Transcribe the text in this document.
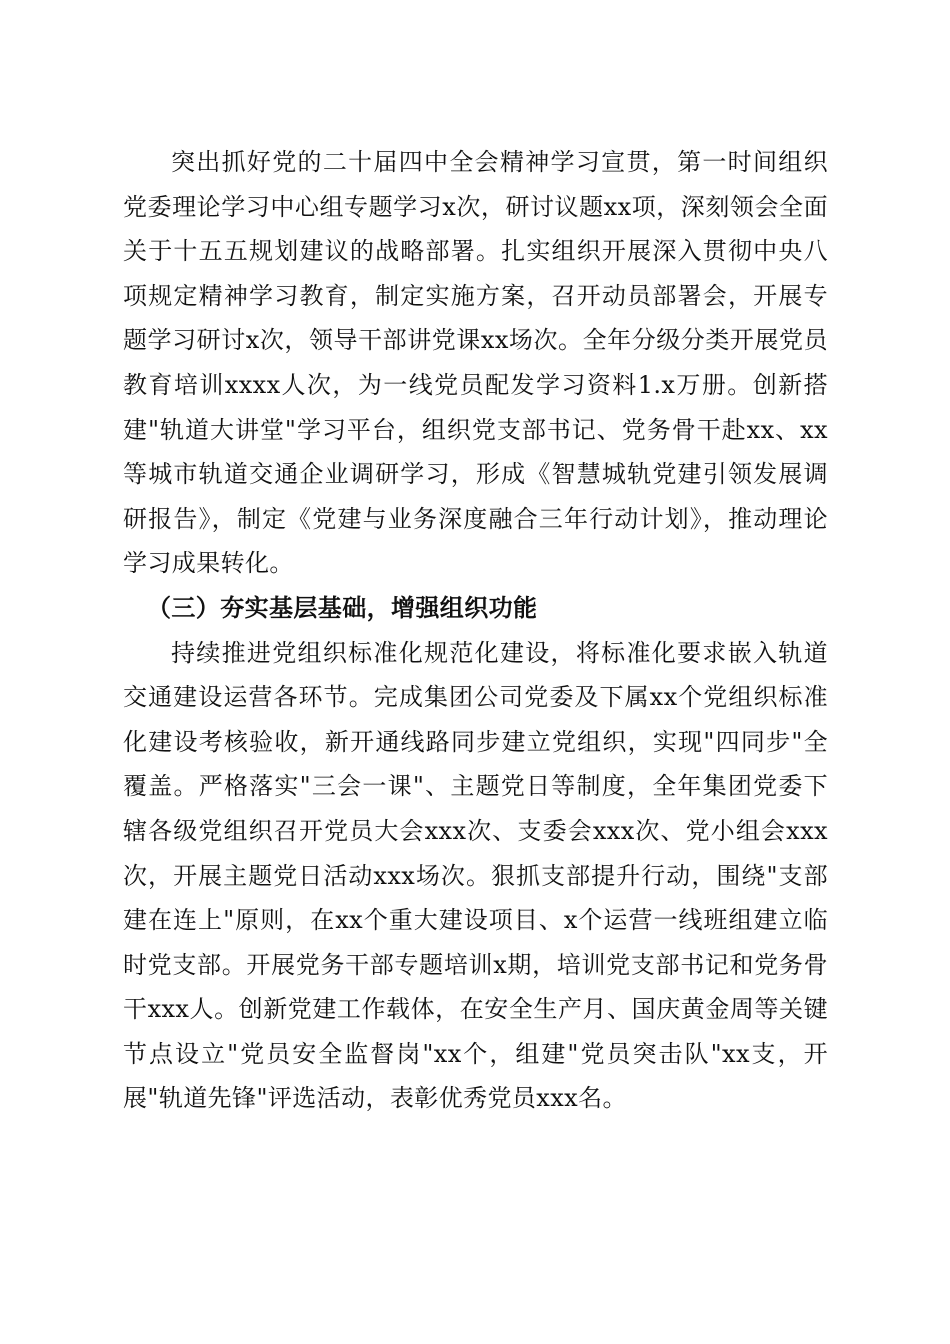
突出抓好党的二十届四中全会精神学习宣贯，第一时间组织党委理论学习中心组专题学习x次，研讨议题xx项，深刻领会全面关于十五五规划建议的战略部署。扎实组织开展深入贯彻中央八项规定精神学习教育，制定实施方案，召开动员部署会，开展专题学习研讨x次，领导干部讲党课xx场次。全年分级分类开展党员教育培训xxxx人次，为一线党员配发学习资料1.x万册。创新搭建"轨道大讲堂"学习平台，组织党支部书记、党务骨干赴xx、xx等城市轨道交通企业调研学习，形成《智慧城轨党建引领发展调研报告》，制定《党建与业务深度融合三年行动计划》，推动理论学习成果转化。

（三）夯实基层基础，增强组织功能

持续推进党组织标准化规范化建设，将标准化要求嵌入轨道交通建设运营各环节。完成集团公司党委及下属xx个党组织标准化建设考核验收，新开通线路同步建立党组织，实现"四同步"全覆盖。严格落实"三会一课"、主题党日等制度，全年集团党委下辖各级党组织召开党员大会xxx次、支委会xxx次、党小组会xxx次，开展主题党日活动xxx场次。狠抓支部提升行动，围绕"支部建在连上"原则，在xx个重大建设项目、x个运营一线班组建立临时党支部。开展党务干部专题培训x期，培训党支部书记和党务骨干xxx人。创新党建工作载体，在安全生产月、国庆黄金周等关键节点设立"党员安全监督岗"xx个，组建"党员突击队"xx支，开展"轨道先锋"评选活动，表彰优秀党员xxx名。
